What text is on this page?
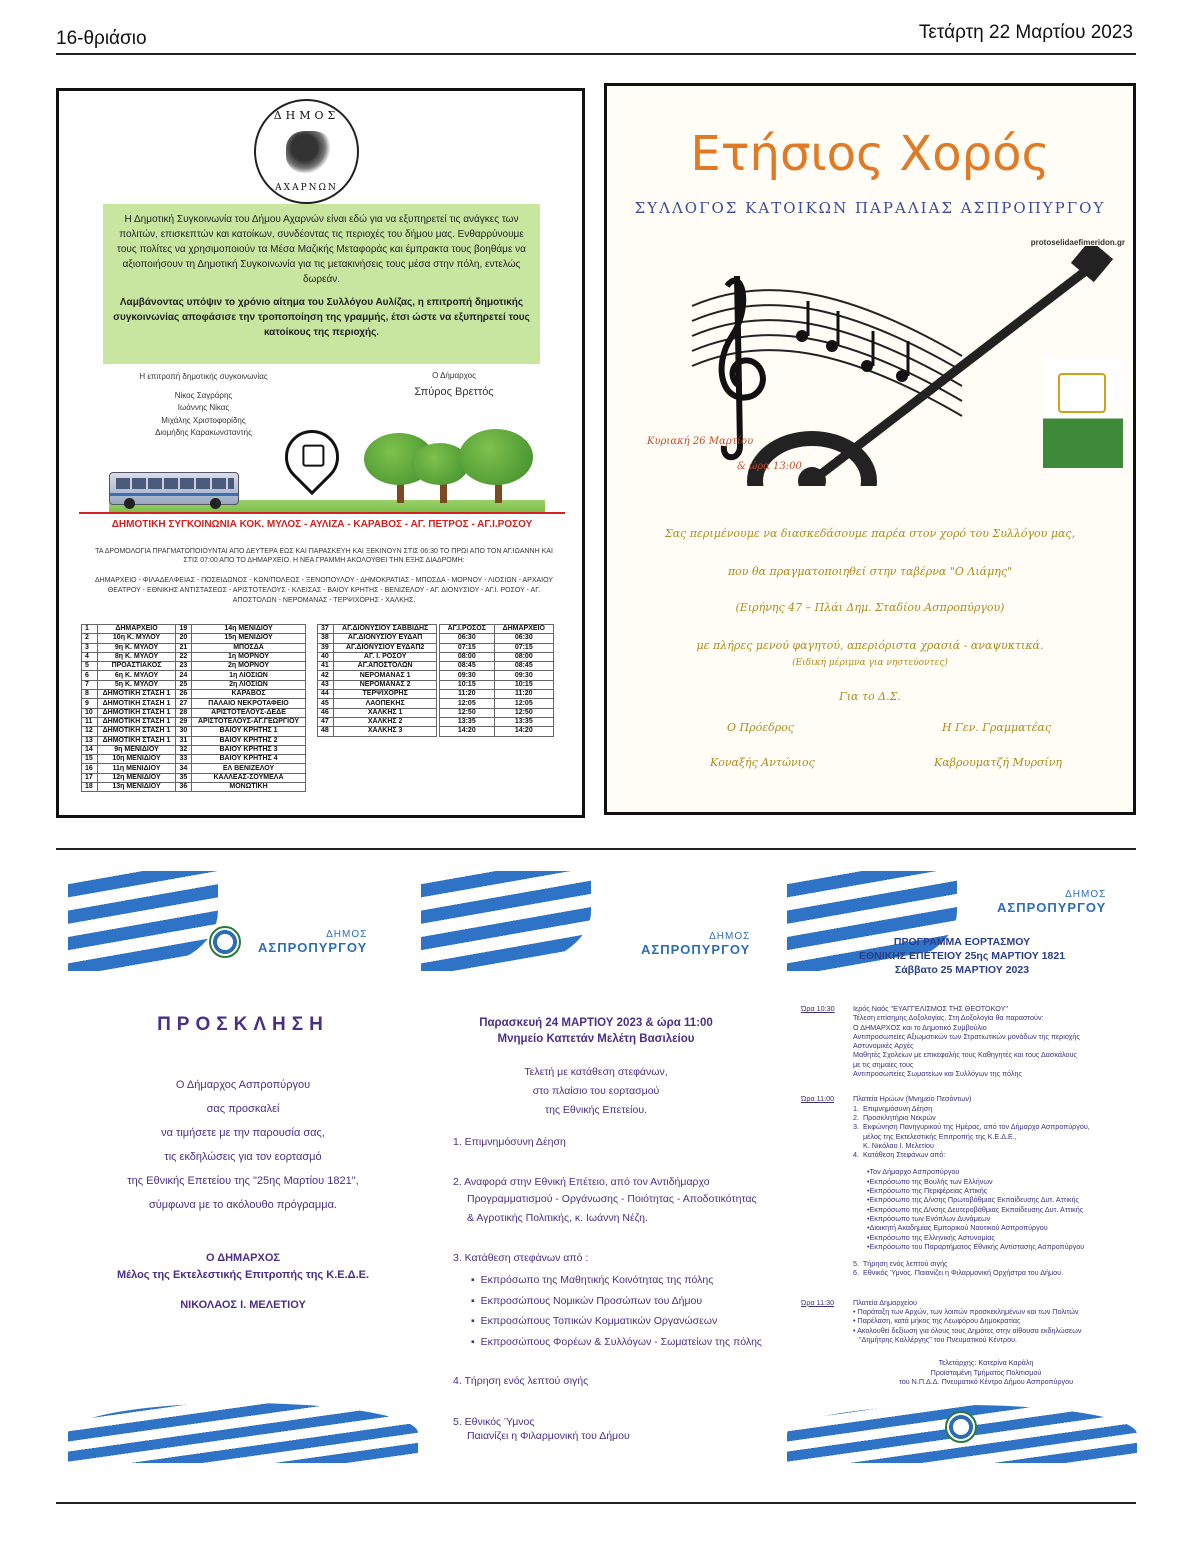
16-θριάσιο	Τετάρτη 22 Μαρτίου 2023
ΔΗΜΟΣ
ΑΧΑΡΝΩΝ
Η Δημοτική Συγκοινωνία του Δήμου Αχαρνών είναι εδώ για να εξυπηρετεί τις ανάγκες των πολιτών, επισκεπτών και κατοίκων, συνδέοντας τις περιοχές του δήμου μας. Ενθαρρύνουμε τους πολίτες να χρησιμοποιούν τα Μέσα Μαζικής Μεταφοράς και έμπρακτα τους βοηθάμε να αξιοποιήσουν τη Δημοτική Συγκοινωνία για τις μετακινήσεις τους μέσα στην πόλη, εντελώς δωρεάν.
Λαμβάνοντας υπόψιν το χρόνιο αίτημα του Συλλόγου Αυλίζας, η επιτροπή δημοτικής συγκοινωνίας αποφάσισε την τροποποίηση της γραμμής, έτσι ώστε να εξυπηρετεί τους κατοίκους της περιοχής.
Η επιτροπή δημοτικής συγκοινωνίας
Νίκος Σαγράρης
Ιωάννης Νίκας
Μιχάλης Χριστοφορίδης
Διομήδης Καρακωνσταντής
Ο Δήμαρχος
Σπύρος Βρεττός
ΔΗΜΟΤΙΚΗ ΣΥΓΚΟΙΝΩΝΙΑ ΚΟΚ. ΜΥΛΟΣ - ΑΥΛΙΖΑ - ΚΑΡΑΒΟΣ - ΑΓ. ΠΕΤΡΟΣ - ΑΓ.Ι.ΡΟΣΟΥ
ΤΑ ΔΡΟΜΟΛΟΓΙΑ ΠΡΑΓΜΑΤΟΠΟΙΟΥΝΤΑΙ ΑΠΟ ΔΕΥΤΕΡΑ ΕΩΣ ΚΑΙ ΠΑΡΑΣΚΕΥΗ ΚΑΙ ΞΕΚΙΝΟΥΝ ΣΤΙΣ 06:30 ΤΟ ΠΡΩΙ ΑΠΟ ΤΟΝ ΑΓ.ΙΩΑΝΝΗ ΚΑΙ ΣΤΙΣ 07:00 ΑΠΟ ΤΟ ΔΗΜΑΡΧΕΙΟ. Η ΝΕΑ ΓΡΑΜΜΗ ΑΚΟΛΟΥΘΕΙ ΤΗΝ ΕΞΗΣ ΔΙΑΔΡΟΜΗ:
ΔΗΜΑΡΧΕΙΟ - ΦΙΛΑΔΕΛΦΕΙΑΣ - ΠΟΣΕΙΔΩΝΟΣ - ΚΩΝ/ΠΟΛΕΩΣ - ΞΕΝΟΠΟΥΛΟΥ - ΔΗΜΟΚΡΑΤΙΑΣ - ΜΠΟΣΔΑ - ΜΟΡΝΟΥ - ΛΙΟΣΙΩΝ - ΑΡΧΑΙΟΥ ΘΕΑΤΡΟΥ - ΕΘΝΙΚΗΣ ΑΝΤΙΣΤΑΣΕΩΣ - ΑΡΙΣΤΟΤΕΛΟΥΣ - ΚΛΕΙΣΑΣ - ΒΑΙΟΥ ΚΡΗΤΗΣ - ΒΕΝΙΖΕΛΟΥ - ΑΓ. ΔΙΟΝΥΣΙΟΥ - ΑΓ.Ι. ΡΟΣΟΥ - ΑΓ. ΑΠΟΣΤΟΛΩΝ - ΝΕΡΟΜΑΝΑΣ - ΤΕΡΨΙΧΟΡΗΣ - ΧΑΛΚΗΣ.
1	ΔΗΜΑΡΧΕΙΟ	19	14η ΜΕΝΙΔΙΟΥ
2	10η Κ. ΜΥΛΟΥ	20	15η ΜΕΝΙΔΙΟΥ
3	9η Κ. ΜΥΛΟΥ	21	ΜΠΟΣΔΑ
4	8η Κ. ΜΥΛΟΥ	22	1η ΜΟΡΝΟΥ
5	ΠΡΟΑΣΤΙΑΚΟΣ	23	2η ΜΟΡΝΟΥ
6	6η Κ. ΜΥΛΟΥ	24	1η ΛΙΟΣΙΩΝ
7	5η Κ. ΜΥΛΟΥ	25	2η ΛΙΟΣΙΩΝ
8	ΔΗΜΟΤΙΚΗ ΣΤΑΣΗ 1	26	ΚΑΡΑΒΟΣ
9	ΔΗΜΟΤΙΚΗ ΣΤΑΣΗ 1	27	ΠΑΛΑΙΟ ΝΕΚΡΟΤΑΦΕΙΟ
10	ΔΗΜΟΤΙΚΗ ΣΤΑΣΗ 1	28	ΑΡΙΣΤΟΤΕΛΟΥΣ-ΔΕΔΕ
11	ΔΗΜΟΤΙΚΗ ΣΤΑΣΗ 1	29	ΑΡΙΣΤΟΤΕΛΟΥΣ-ΑΓ.ΓΕΩΡΓΙΟΥ
12	ΔΗΜΟΤΙΚΗ ΣΤΑΣΗ 1	30	ΒΑΙΟΥ ΚΡΗΤΗΣ 1
13	ΔΗΜΟΤΙΚΗ ΣΤΑΣΗ 1	31	ΒΑΙΟΥ ΚΡΗΤΗΣ 2
14	9η ΜΕΝΙΔΙΟΥ	32	ΒΑΙΟΥ ΚΡΗΤΗΣ 3
15	10η ΜΕΝΙΔΙΟΥ	33	ΒΑΙΟΥ ΚΡΗΤΗΣ 4
16	11η ΜΕΝΙΔΙΟΥ	34	ΕΛ ΒΕΝΙΖΕΛΟΥ
17	12η ΜΕΝΙΔΙΟΥ	35	ΚΑΛΛΕΑΣ-ΣΟΥΜΕΛΑ
18	13η ΜΕΝΙΔΙΟΥ	36	ΜΟΝΩΤΙΚΗ
37	ΑΓ.ΔΙΟΝΥΣΙΟΥ ΣΑΒΒΙΔΗΣ
38	ΑΓ.ΔΙΟΝΥΣΙΟΥ ΕΥΔΑΠ
39	ΑΓ.ΔΙΟΝΥΣΙΟΥ ΕΥΔΑΠ2
40	ΑΓ. Ι. ΡΟΣΟΥ
41	ΑΓ.ΑΠΟΣΤΟΛΩΝ
42	ΝΕΡΟΜΑΝΑΣ 1
43	ΝΕΡΟΜΑΝΑΣ 2
44	ΤΕΡΨΙΧΟΡΗΣ
45	ΛΑΟΠΕΚΗΣ
46	ΧΑΛΚΗΣ 1
47	ΧΑΛΚΗΣ 2
48	ΧΑΛΚΗΣ 3
ΑΓ.Ι.ΡΟΣΟΣ	ΔΗΜΑΡΧΕΙΟ
06:30	06:30
07:15	07:15
08:00	08:00
08:45	08:45
09:30	09:30
10:15	10:15
11:20	11:20
12:05	12:05
12:50	12:50
13:35	13:35
14:20	14:20
Ετήσιος Χορός
ΣΥΛΛΟΓΟΣ ΚΑΤΟΙΚΩΝ ΠΑΡΑΛΙΑΣ ΑΣΠΡΟΠΥΡΓΟΥ
protoselidaefimeridon.gr
Κυριακή 26 Μαρτίου
& ώρα 13:00
Σας περιμένουμε να διασκεδάσουμε παρέα στον χορό του Συλλόγου μας,
που θα πραγματοποιηθεί στην ταβέρνα "Ο Λιάμης"
(Ειρήνης 47 – Πλάι Δημ. Σταδίου Ασπροπύργου)
με πλήρες μενού φαγητού, απεριόριστα χρασιά - αναψυκτικά.
(Ειδική μέριμνα για νηστεύοντες)
Για το Δ.Σ.
Ο Πρόεδρος	Η Γεν. Γραμματέας
Κοναξής Αντώνιος	Καβρουματζή Μυρσίνη
ΔΗΜΟΣ
ΑΣΠΡΟΠΥΡΓΟΥ
ΠΡΟΣΚΛΗΣΗ
Ο Δήμαρχος Ασπροπύργου
σας προσκαλεί
να τιμήσετε με την παρουσία σας,
τις εκδηλώσεις για τον εορτασμό
της Εθνικής Επετείου της "25ης Μαρτίου 1821",
σύμφωνα με το ακόλουθο πρόγραμμα.
Ο ΔΗΜΑΡΧΟΣ
Μέλος της Εκτελεστικής Επιτροπής της Κ.Ε.Δ.Ε.
ΝΙΚΟΛΑΟΣ Ι. ΜΕΛΕΤΙΟΥ
ΔΗΜΟΣ
ΑΣΠΡΟΠΥΡΓΟΥ
Παρασκευή 24 ΜΑΡΤΙΟΥ 2023 & ώρα 11:00
Μνημείο Καπετάν Μελέτη Βασιλείου
Τελετή με κατάθεση στεφάνων,
στο πλαίσιο του εορτασμού
της Εθνικής Επετείου.
1. Επιμνημόσυνη Δέηση
2. Αναφορά στην Εθνική Επέτειο, από τον Αντιδήμαρχο
Προγραμματισμού - Οργάνωσης - Ποιότητας - Αποδοτικότητας
& Αγροτικής Πολιτικής, κ. Ιωάννη Νέζη.
3. Κατάθεση στεφάνων από :
▪  Εκπρόσωπο της Μαθητικής Κοινότητας της πόλης
▪  Εκπροσώπους Νομικών Προσώπων του Δήμου
▪  Εκπροσώπους Τοπικών Κομματικών Οργανώσεων
▪  Εκπροσώπους Φορέων & Συλλόγων - Σωματείων της πόλης
4. Τήρηση ενός λεπτού σιγής
5. Εθνικός Ύμνος
Παιανίζει η Φιλαρμονική του Δήμου
ΔΗΜΟΣ
ΑΣΠΡΟΠΥΡΓΟΥ
ΠΡΟΓΡΑΜΜΑ ΕΟΡΤΑΣΜΟΥ
ΕΘΝΙΚΗΣ ΕΠΕΤΕΙΟΥ 25ης ΜΑΡΤΙΟΥ 1821
Σάββατο 25 ΜΑΡΤΙΟΥ 2023
Ώρα 10:30	Ιερός Ναός "ΕΥΑΓΓΕΛΙΣΜΟΣ ΤΗΣ ΘΕΟΤΟΚΟΥ"
Τέλεση επίσημης Δοξολογίας. Στη Δοξολογία θα παραστούν:
Ο ΔΗΜΑΡΧΟΣ και το Δημοτικό Συμβούλιο
Αντιπροσωπείες Αξιωματικών των Στρατιωτικών μονάδων της περιοχής
Αστυνομικές Αρχές
Μαθητές Σχολείων με επικεφαλής τους Καθηγητές και τους Δασκάλους
με τις σημαίες τους
Αντιπροσωπείες Σωματείων και Συλλόγων της πόλης
Ώρα 11:00	Πλατεία Ηρώων (Μνημείο Πεσόντων)
1.  Επιμνημόσυνη Δέηση
2.  Προσκλητήριο Νεκρών
3.  Εκφώνηση Πανηγυρικού της Ημέρας, από τον Δήμαρχο Ασπροπύργου,
μέλος της Εκτελεστικής Επιτροπής της Κ.Ε.Δ.Ε.,
Κ. Νικόλαο Ι. Μελετίου
4.  Κατάθεση Στεφάνων από:
•Τον Δήμαρχο Ασπροπύργου
•Εκπρόσωπο της Βουλής των Ελλήνων
•Εκπρόσωπο της Περιφέρειας Αττικής
•Εκπρόσωπο της Δ/νσης Πρωτοβάθμιας Εκπαίδευσης Δυτ. Αττικής
•Εκπρόσωπο της Δ/νσης Δευτεροβάθμιας Εκπαίδευσης Δυτ. Αττικής
•Εκπρόσωπο των Ενόπλων Δυνάμεων
•Διοικητή Ακαδημίας Εμπορικού Ναυτικού Ασπροπύργου
•Εκπρόσωπο της Ελληνικής Αστυνομίας
•Εκπρόσωπο του Παραρτήματος Εθνικής Αντίστασης Ασπροπύργου
5.  Τήρηση ενός λεπτού σιγής
6.  Εθνικός Ύμνος. Παιανίζει η Φιλαρμονική Ορχήστρα του Δήμου.
Ώρα 11:30	Πλατεία Δημαρχείου
• Παράταξη των Αρχών, των λοιπών προσκεκλημένων και των Πολιτών
• Παρέλαση, κατά μήκος της Λεωφόρου Δημοκρατίας
• Ακολουθεί δεξίωση για όλους τους Δημότες στην αίθουσα εκδηλώσεων
"Δημήτρης Καλλέργης" του Πνευματικού Κέντρου.
Τελετάρχης: Κατερίνα Καράλη
Προϊσταμένη Τμήματος Πολιτισμού
του Ν.Π.Δ.Δ. Πνευματικό Κέντρο Δήμου Ασπροπύργου
